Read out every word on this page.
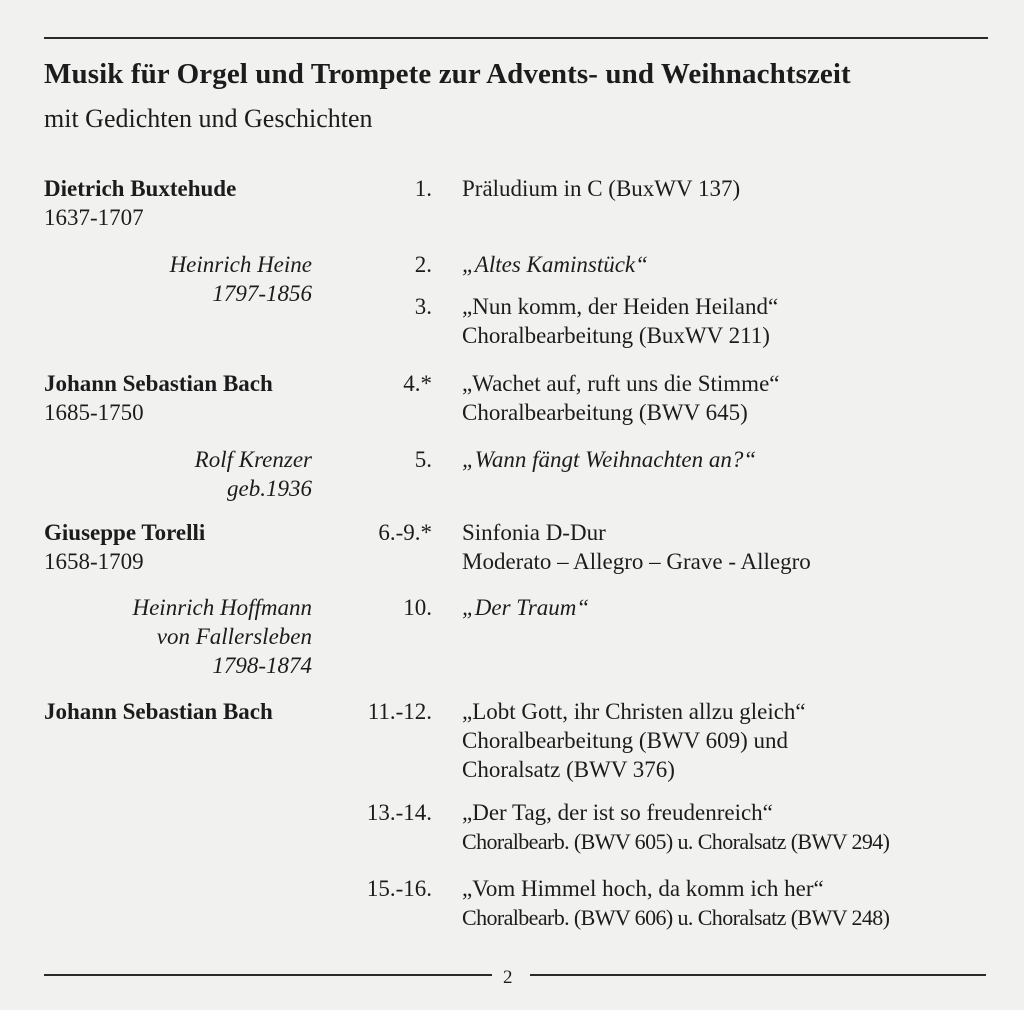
Musik für Orgel und Trompete zur Advents- und Weihnachtszeit
mit Gedichten und Geschichten
Dietrich Buxtehude
1637-1707
Johann Sebastian Bach
1685-1750
Giuseppe Torelli
1658-1709
Johann Sebastian Bach
Heinrich Heine
1797-1856
Rolf Krenzer
geb.1936
Heinrich Hoffmann
von Fallersleben
1798-1874
1.
2.
3.
4.*
5.
6.-9.*
10.
11.-12.
13.-14.
15.-16.
Präludium in C (BuxWV 137)
„Altes Kaminstück“
„Nun komm, der Heiden Heiland“
Choralbearbeitung (BuxWV 211)
„Wachet auf, ruft uns die Stimme“
Choralbearbeitung (BWV 645)
„Wann fängt Weihnachten an?“
Sinfonia D-Dur
Moderato – Allegro – Grave - Allegro
„Der Traum“
„Lobt Gott, ihr Christen allzu gleich“
Choralbearbeitung (BWV 609) und
Choralsatz (BWV 376)
„Der Tag, der ist so freudenreich“
Choralbearb. (BWV 605) u. Choralsatz (BWV 294)
„Vom Himmel hoch, da komm ich her“
Choralbearb. (BWV 606) u. Choralsatz (BWV 248)
2
